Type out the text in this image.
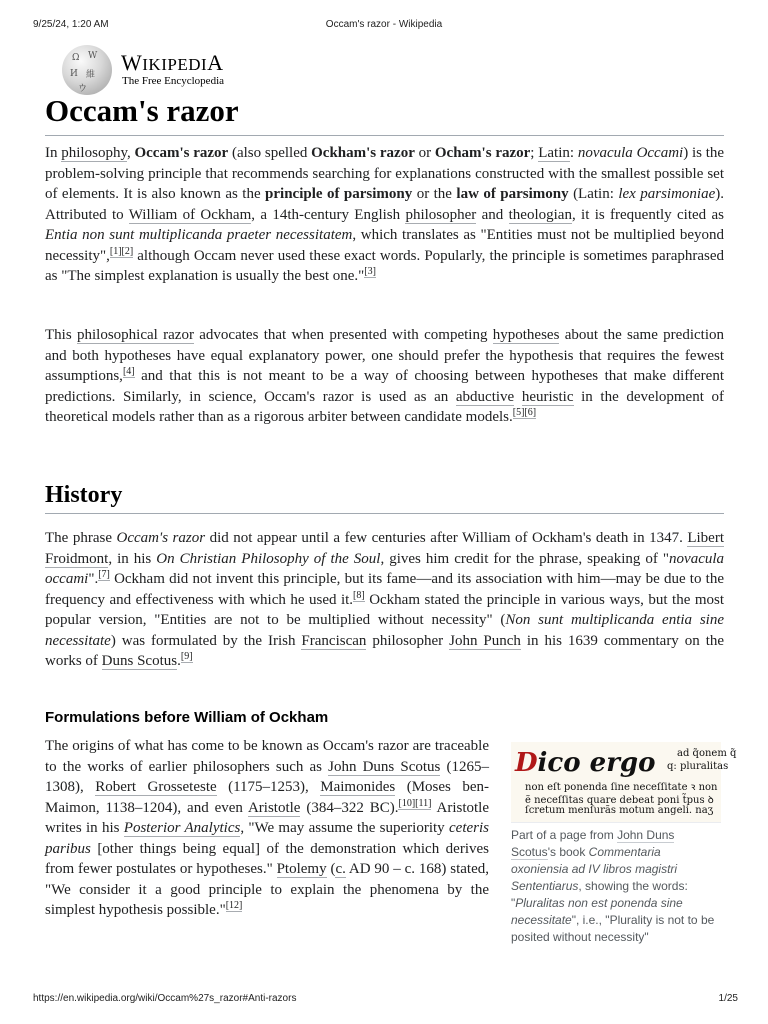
9/25/24, 1:20 AM	Occam's razor - Wikipedia
Ω W
И 維
ウ
WIKIPEDIA
The Free Encyclopedia
Occam's razor

In philosophy, Occam's razor (also spelled Ockham's razor or Ocham's razor; Latin: novacula Occami) is the problem-solving principle that recommends searching for explanations constructed with the smallest possible set of elements. It is also known as the principle of parsimony or the law of parsimony (Latin: lex parsimoniae). Attributed to William of Ockham, a 14th-century English philosopher and theologian, it is frequently cited as Entia non sunt multiplicanda praeter necessitatem, which translates as "Entities must not be multiplied beyond necessity",[1][2] although Occam never used these exact words. Popularly, the principle is sometimes paraphrased as "The simplest explanation is usually the best one."[3]

This philosophical razor advocates that when presented with competing hypotheses about the same prediction and both hypotheses have equal explanatory power, one should prefer the hypothesis that requires the fewest assumptions,[4] and that this is not meant to be a way of choosing between hypotheses that make different predictions. Similarly, in science, Occam's razor is used as an abductive heuristic in the development of theoretical models rather than as a rigorous arbiter between candidate models.[5][6]

History

The phrase Occam's razor did not appear until a few centuries after William of Ockham's death in 1347. Libert Froidmont, in his On Christian Philosophy of the Soul, gives him credit for the phrase, speaking of "novacula occami".[7] Ockham did not invent this principle, but its fame—and its association with him—may be due to the frequency and effectiveness with which he used it.[8] Ockham stated the principle in various ways, but the most popular version, "Entities are not to be multiplied without necessity" (Non sunt multiplicanda entia sine necessitate) was formulated by the Irish Franciscan philosopher John Punch in his 1639 commentary on the works of Duns Scotus.[9]

Formulations before William of Ockham

The origins of what has come to be known as Occam's razor are traceable to the works of earlier philosophers such as John Duns Scotus (1265–1308), Robert Grosseteste (1175–1253), Maimonides (Moses ben-Maimon, 1138–1204), and even Aristotle (384–322 BC).[10][11] Aristotle writes in his Posterior Analytics, "We may assume the superiority ceteris paribus [other things being equal] of the demonstration which derives from fewer postulates or hypotheses." Ptolemy (c. AD 90 – c. 168) stated, "We consider it a good principle to explain the phenomena by the simplest hypothesis possible."[12]

Dico ergo ad q̃onem q̃
q: pluralitas
non eſt ponenda ſine neceſſitate ꝛ non
ẽ neceſſitas quare debeat poni t̃pus ꝺ
ſcretum menſurãs motum angeli. naʒ
Part of a page from John Duns Scotus's book Commentaria oxoniensia ad IV libros magistri Sententiarus, showing the words: "Pluralitas non est ponenda sine necessitate", i.e., "Plurality is not to be posited without necessity"
https://en.wikipedia.org/wiki/Occam%27s_razor#Anti-razors	1/25
